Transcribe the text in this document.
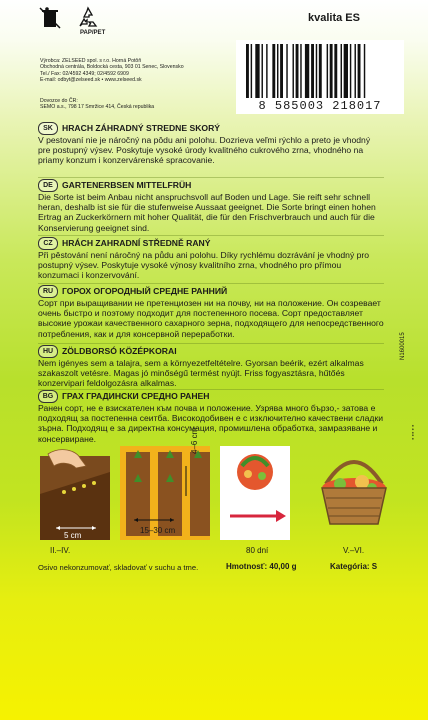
PAP/PET
kvalita ES
Výrobca: ZELSEED spol. s r.o. Horná Potôň
Obchodná centrála, Boldocká cesta, 903 01 Senec, Slovensko
Tel./ Fax: 02/4592 4349; 02/4592 6909
E-mail: odbyt@zelseed.sk • www.zelseed.sk
Dovozce do ČR:
SEMO a.s., 798 17 Smržice 414, Česká republika	8 585003 218017
SK	HRACH ZÁHRADNÝ STREDNE SKORÝ
V pestovaní nie je náročný na pôdu ani polohu. Dozrieva veľmi rýchlo a preto je vhodný pre postupný výsev. Poskytuje vysoké úrody kvalitného cukrového zrna, vhodného na priamy konzum i konzervárenské spracovanie.
DE	GARTENERBSEN MITTELFRÜH
Die Sorte ist beim Anbau nicht anspruchsvoll auf Boden und Lage. Sie reift sehr schnell heran, deshalb ist sie für die stufenweise Aussaat geeignet. Die Sorte bringt einen hohen Ertrag an Zuckerkörnern mit hoher Qualität, die für den Frischverbrauch und auch für die Konservierung geeignet sind.
CZ	HRÁCH ZAHRADNÍ STŘEDNĚ RANÝ
Při pěstování není náročný na půdu ani polohu. Díky rychlému dozrávání je vhodný pro postupný výsev. Poskytuje vysoké výnosy kvalitního zrna, vhodného pro přímou konzumaci i konzervování.
RU	ГОРОХ ОГОРОДНЫЙ СРЕДНЕ РАННИЙ
Сорт при выращивании не претенциозен ни на почву, ни на положение. Он созревает очень быстро и поэтому подходит для постепенного посева. Сорт предоставляет высокие урожаи качественного сахарного зерна, подходящего для непосредственного потребления, как и для консервной переработки.
HU	ZÖLDBORSÓ KÖZÉPKORAI
Nem igényes sem a talajra, sem a környezetfeltételre. Gyorsan beérik, ezért alkalmas szakaszolt vetésre. Magas jó minőségű termést nyújt. Friss fogyasztásra, hűtőés konzervipari feldolgozásra alkalmas.
BG	ГРАХ ГРАДИНСКИ СРЕДНО РАНЕН
Ранен сорт, не е взискателен към почва и положение. Узрява много бързо,- затова е подходящ за постепенна сеитба. Високодобивен е с изключително качествени сладки зърна. Подходящ е за директна консумация, промишлена обработка, замразяване и консервиране.
N1600015
● ●● ● ●
5 cm
4–6 cm
15–30 cm
II.–IV.	80 dní	V.–VI.
Osivo nekonzumovať, skladovať v suchu a tme.	Hmotnosť: 40,00 g	Kategória: S
